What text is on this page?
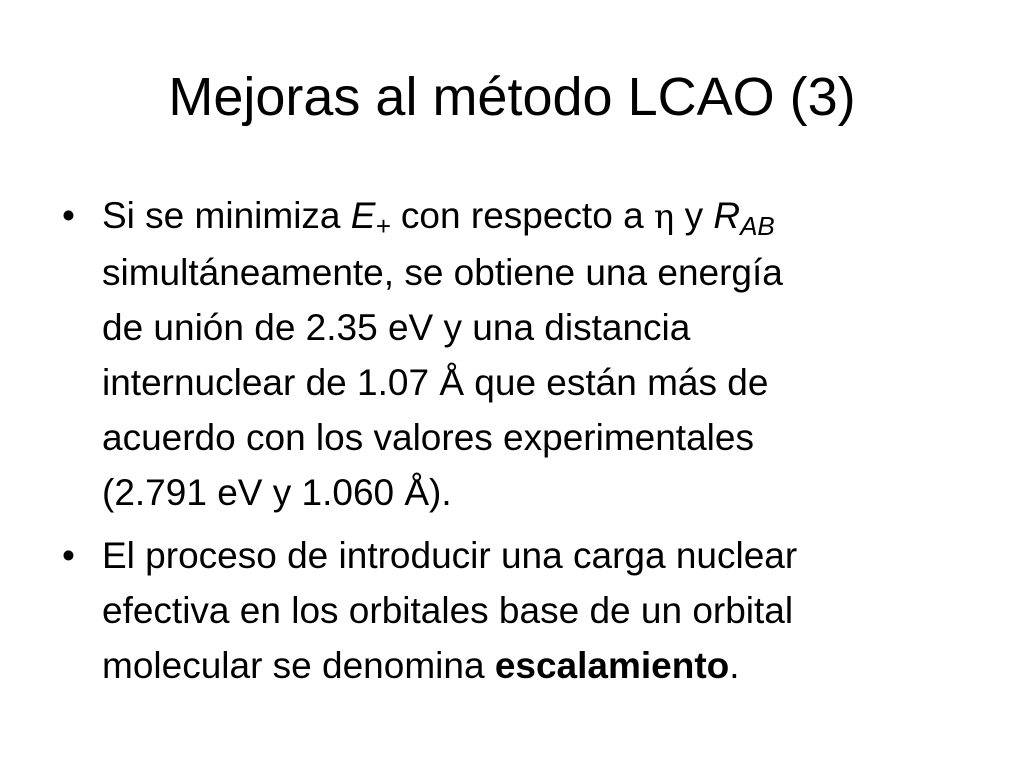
Mejoras al método LCAO (3)
• Si se minimiza $E_+$ con respecto a η y $R_{AB}$
simultáneamente, se obtiene una energía
de unión de 2.35 eV y una distancia
internuclear de 1.07 Å que están más de
acuerdo con los valores experimentales
(2.791 eV y 1.060 Å).
• El proceso de introducir una carga nuclear
efectiva en los orbitales base de un orbital
molecular se denomina escalamiento.
